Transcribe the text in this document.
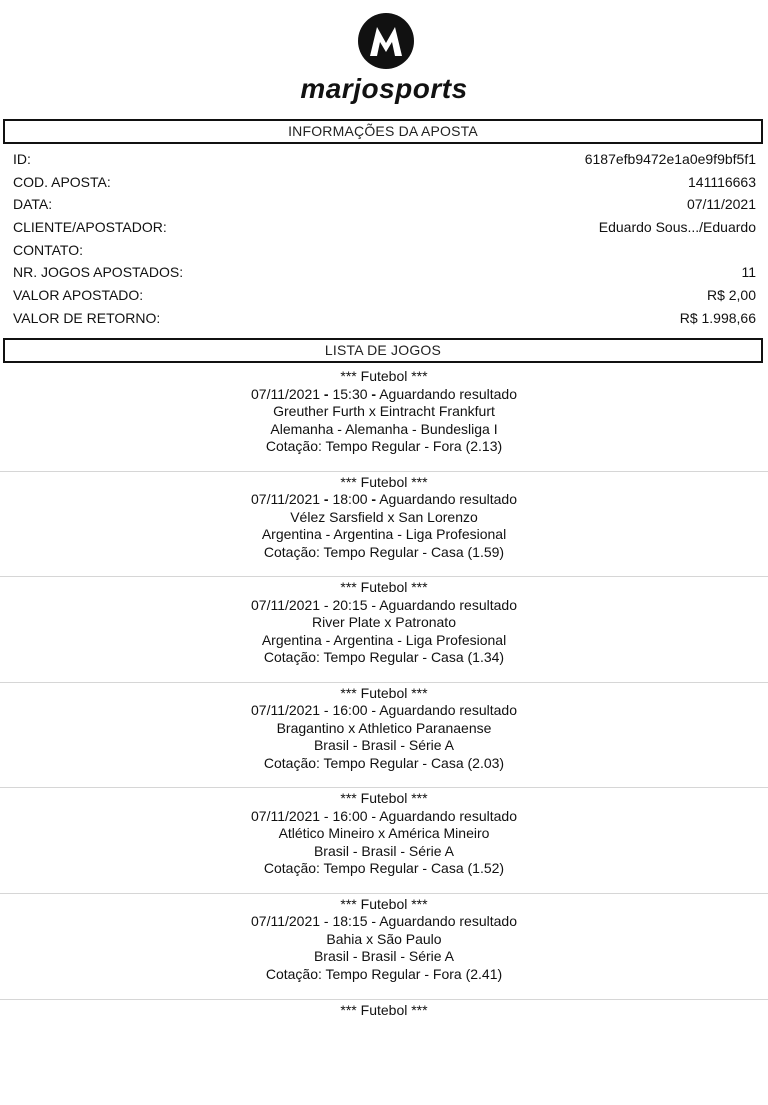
marjosports
INFORMAÇÕES DA APOSTA
ID:	6187efb9472e1a0e9f9bf5f1
COD. APOSTA:	141116663
DATA:	07/11/2021
CLIENTE/APOSTADOR:	Eduardo Sous.../Eduardo
CONTATO:
NR. JOGOS APOSTADOS:	11
VALOR APOSTADO:	R$ 2,00
VALOR DE RETORNO:	R$ 1.998,66
LISTA DE JOGOS
*** Futebol ***
07/11/2021 - 15:30 - Aguardando resultado
Greuther Furth x Eintracht Frankfurt
Alemanha - Alemanha - Bundesliga I
Cotação: Tempo Regular - Fora (2.13)
*** Futebol ***
07/11/2021 - 18:00 - Aguardando resultado
Vélez Sarsfield x San Lorenzo
Argentina - Argentina - Liga Profesional
Cotação: Tempo Regular - Casa (1.59)
*** Futebol ***
07/11/2021 - 20:15 - Aguardando resultado
River Plate x Patronato
Argentina - Argentina - Liga Profesional
Cotação: Tempo Regular - Casa (1.34)
*** Futebol ***
07/11/2021 - 16:00 - Aguardando resultado
Bragantino x Athletico Paranaense
Brasil - Brasil - Série A
Cotação: Tempo Regular - Casa (2.03)
*** Futebol ***
07/11/2021 - 16:00 - Aguardando resultado
Atlético Mineiro x América Mineiro
Brasil - Brasil - Série A
Cotação: Tempo Regular - Casa (1.52)
*** Futebol ***
07/11/2021 - 18:15 - Aguardando resultado
Bahia x São Paulo
Brasil - Brasil - Série A
Cotação: Tempo Regular - Fora (2.41)
*** Futebol ***
